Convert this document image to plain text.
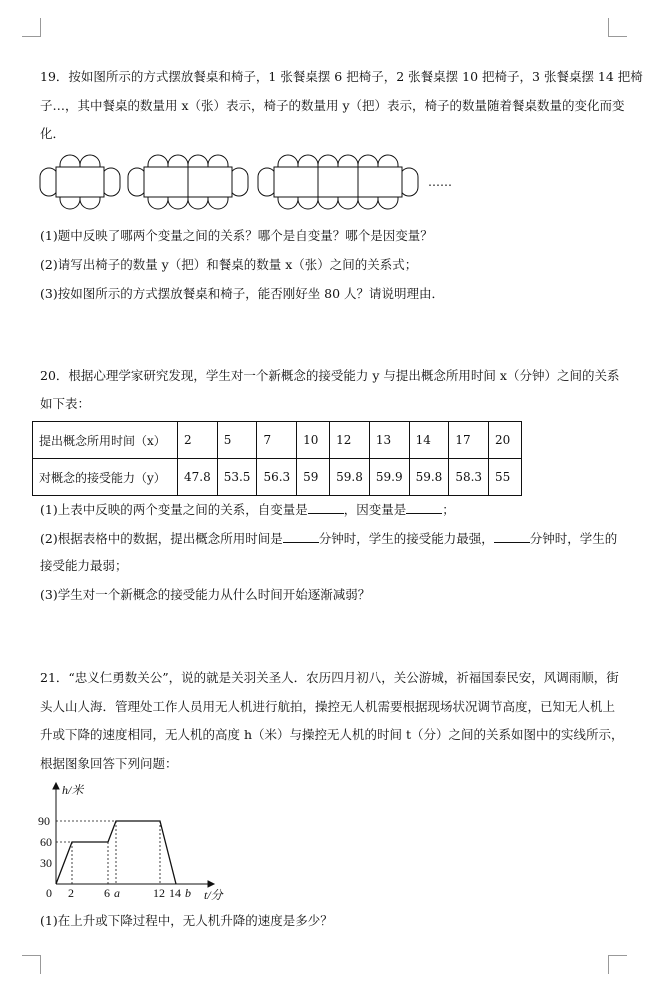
19．按如图所示的方式摆放餐桌和椅子，1 张餐桌摆 6 把椅子，2 张餐桌摆 10 把椅子，3 张餐桌摆 14 把椅
子…，其中餐桌的数量用 x（张）表示，椅子的数量用 y（把）表示，椅子的数量随着餐桌数量的变化而变
化．
……
(1)题中反映了哪两个变量之间的关系？哪个是自变量？哪个是因变量？
(2)请写出椅子的数量 y（把）和餐桌的数量 x（张）之间的关系式；
(3)按如图所示的方式摆放餐桌和椅子，能否刚好坐 80 人？请说明理由．
20．根据心理学家研究发现，学生对一个新概念的接受能力 y 与提出概念所用时间 x（分钟）之间的关系
如下表：
提出概念所用时间（x）	2	5	7	10	12	13	14	17	20
对概念的接受能力（y）	47.8	53.5	56.3	59	59.8	59.9	59.8	58.3	55
(1)上表中反映的两个变量之间的关系，自变量是	，因变量是	；
(2)根据表格中的数据，提出概念所用时间是	分钟时，学生的接受能力最强，	分钟时，学生的
接受能力最弱；
(3)学生对一个新概念的接受能力从什么时间开始逐渐减弱？
21．“忠义仁勇数关公”，说的就是关羽关圣人．农历四月初八，关公游城，祈福国泰民安，风调雨顺，街
头人山人海．管理处工作人员用无人机进行航拍，操控无人机需要根据现场状况调节高度，已知无人机上
升或下降的速度相同，无人机的高度 h（米）与操控无人机的时间 t（分）之间的关系如图中的实线所示，
根据图象回答下列问题：
h/米
90
60
30
0 2	6 a	12 14 b t/分
(1)在上升或下降过程中，无人机升降的速度是多少？
